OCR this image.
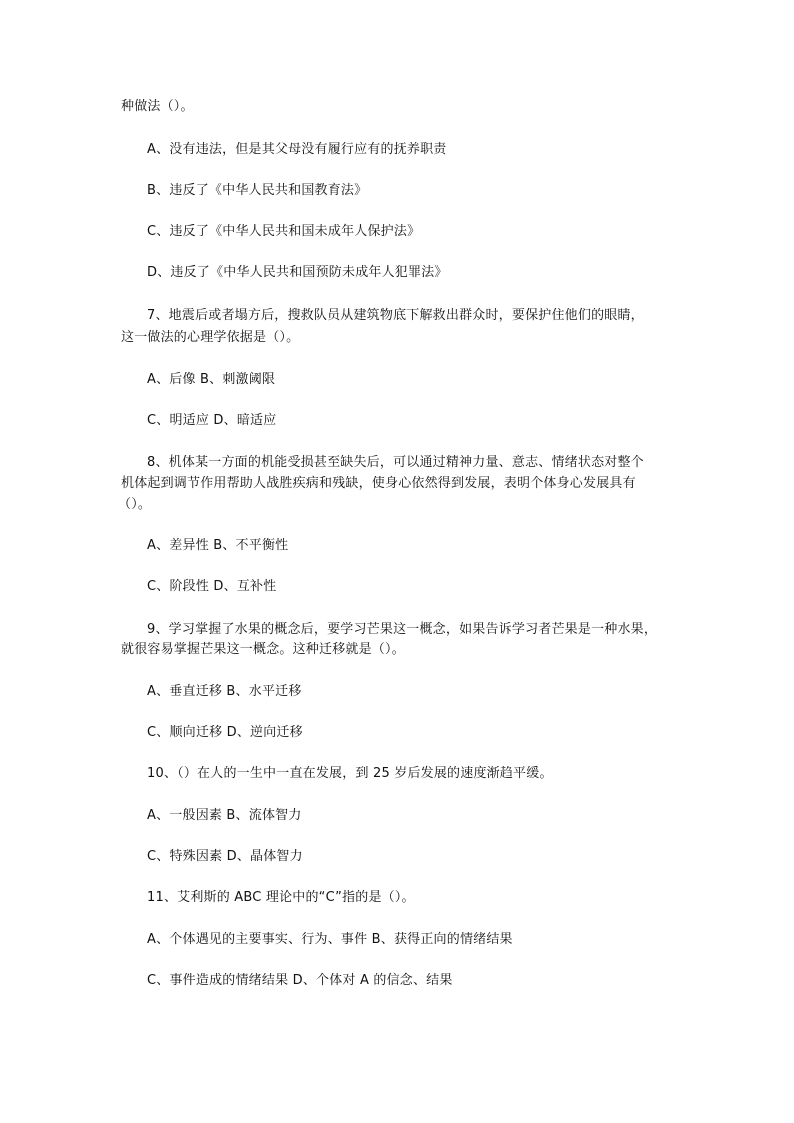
种做法（）。
A、没有违法，但是其父母没有履行应有的抚养职责
B、违反了《中华人民共和国教育法》
C、违反了《中华人民共和国未成年人保护法》
D、违反了《中华人民共和国预防未成年人犯罪法》
7、地震后或者塌方后，搜救队员从建筑物底下解救出群众时，要保护住他们的眼睛，
这一做法的心理学依据是（）。
A、后像 B、刺激阈限
C、明适应 D、暗适应
8、机体某一方面的机能受损甚至缺失后，可以通过精神力量、意志、情绪状态对整个
机体起到调节作用帮助人战胜疾病和残缺，使身心依然得到发展，表明个体身心发展具有
（）。
A、差异性 B、不平衡性
C、阶段性 D、互补性
9、学习掌握了水果的概念后，要学习芒果这一概念，如果告诉学习者芒果是一种水果，
就很容易掌握芒果这一概念。这种迁移就是（）。
A、垂直迁移 B、水平迁移
C、顺向迁移 D、逆向迁移
10、（）在人的一生中一直在发展，到 25 岁后发展的速度渐趋平缓。
A、一般因素 B、流体智力
C、特殊因素 D、晶体智力
11、艾利斯的 ABC 理论中的“C”指的是（）。
A、个体遇见的主要事实、行为、事件 B、获得正向的情绪结果
C、事件造成的情绪结果 D、个体对 A 的信念、结果
